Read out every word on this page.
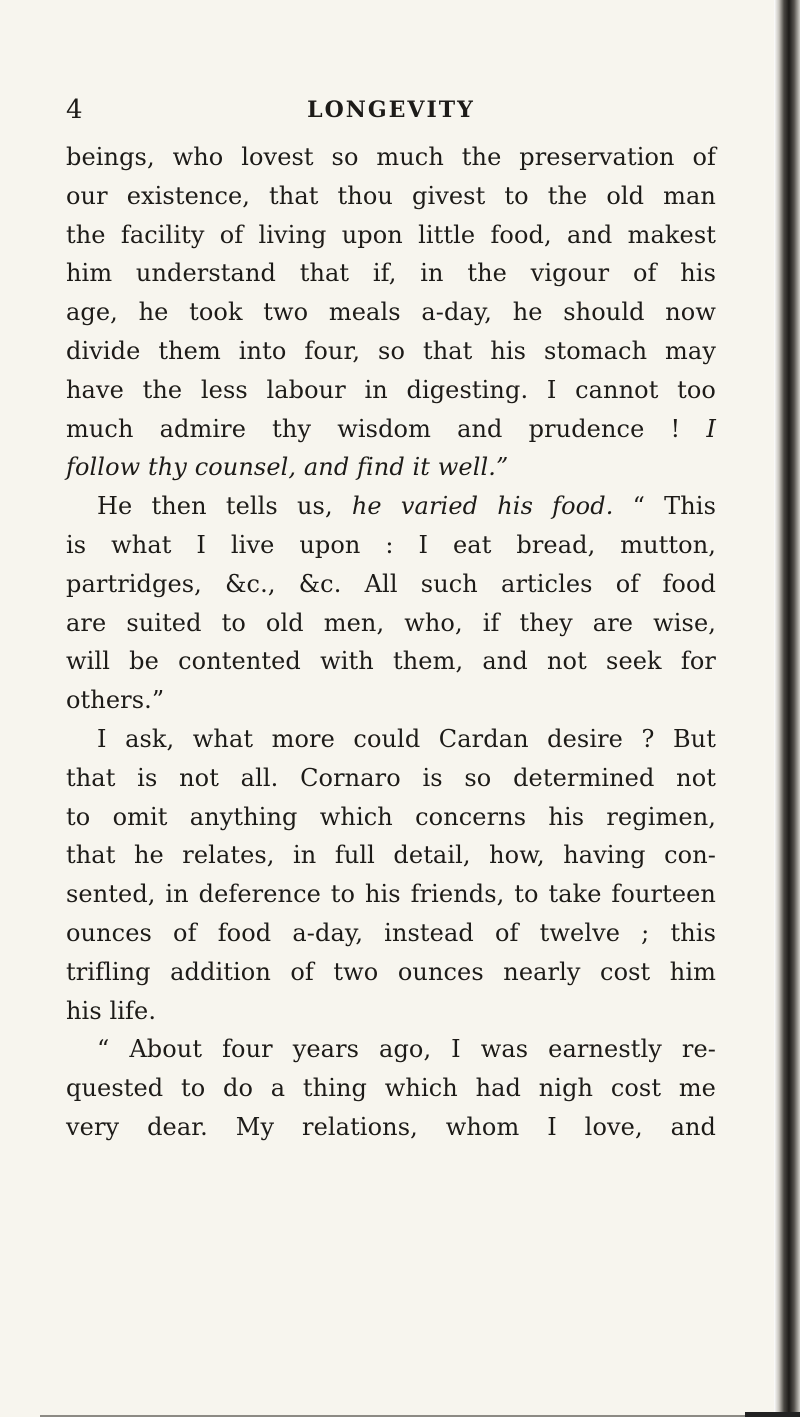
4	LONGEVITY
beings, who lovest so much the preservation of
our existence, that thou givest to the old man
the facility of living upon little food, and makest
him understand that if, in the vigour of his
age, he took two meals a-day, he should now
divide them into four, so that his stomach may
have the less labour in digesting. I cannot too
much admire thy wisdom and prudence ! I
follow thy counsel, and find it well.”
He then tells us, he varied his food. “ This
is what I live upon : I eat bread, mutton,
partridges, &c., &c. All such articles of food
are suited to old men, who, if they are wise,
will be contented with them, and not seek for
others.”
I ask, what more could Cardan desire ? But
that is not all. Cornaro is so determined not
to omit anything which concerns his regimen,
that he relates, in full detail, how, having con-
sented, in deference to his friends, to take fourteen
ounces of food a-day, instead of twelve ; this
trifling addition of two ounces nearly cost him
his life.
“ About four years ago, I was earnestly re-
quested to do a thing which had nigh cost me
very dear. My relations, whom I love, and
